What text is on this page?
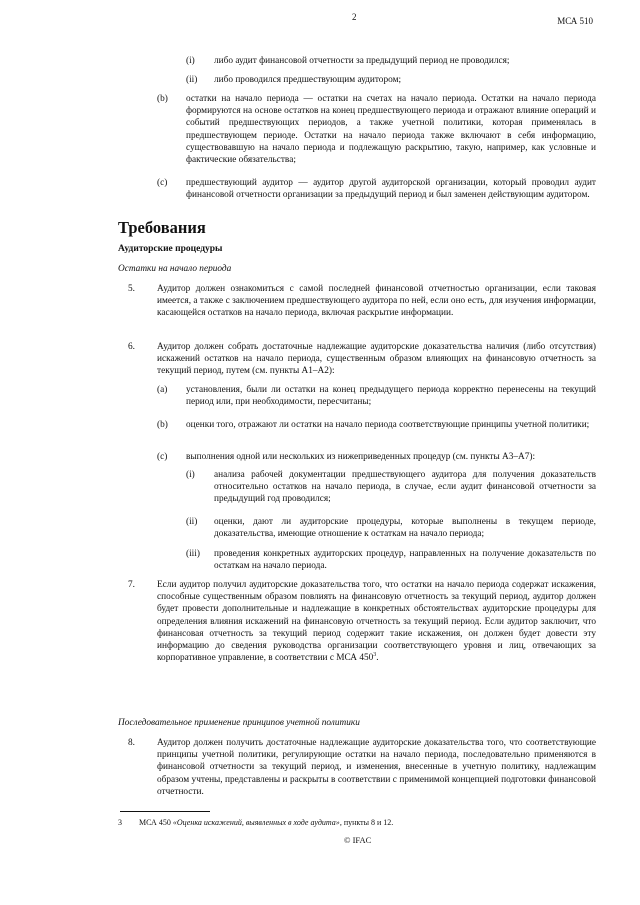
2	МСА 510
(i) либо аудит финансовой отчетности за предыдущий период не проводился;
(ii) либо проводился предшествующим аудитором;
(b) остатки на начало периода — остатки на счетах на начало периода. Остатки на начало периода формируются на основе остатков на конец предшествующего периода и отражают влияние операций и событий предшествующих периодов, а также учетной политики, которая применялась в предшествующем периоде. Остатки на начало периода также включают в себя информацию, существовавшую на начало периода и подлежащую раскрытию, такую, например, как условные и фактические обязательства;
(c) предшествующий аудитор — аудитор другой аудиторской организации, который проводил аудит финансовой отчетности организации за предыдущий период и был заменен действующим аудитором.
Требования
Аудиторские процедуры
Остатки на начало периода
5. Аудитор должен ознакомиться с самой последней финансовой отчетностью организации, если таковая имеется, а также с заключением предшествующего аудитора по ней, если оно есть, для изучения информации, касающейся остатков на начало периода, включая раскрытие информации.
6. Аудитор должен собрать достаточные надлежащие аудиторские доказательства наличия (либо отсутствия) искажений остатков на начало периода, существенным образом влияющих на финансовую отчетность за текущий период, путем (см. пункты А1–А2):
(a) установления, были ли остатки на конец предыдущего периода корректно перенесены на текущий период или, при необходимости, пересчитаны;
(b) оценки того, отражают ли остатки на начало периода соответствующие принципы учетной политики;
(c) выполнения одной или нескольких из нижеприведенных процедур (см. пункты А3–А7):
(i) анализа рабочей документации предшествующего аудитора для получения доказательств относительно остатков на начало периода, в случае, если аудит финансовой отчетности за предыдущий год проводился;
(ii) оценки, дают ли аудиторские процедуры, которые выполнены в текущем периоде, доказательства, имеющие отношение к остаткам на начало периода;
(iii) проведения конкретных аудиторских процедур, направленных на получение доказательств по остаткам на начало периода.
7. Если аудитор получил аудиторские доказательства того, что остатки на начало периода содержат искажения, способные существенным образом повлиять на финансовую отчетность за текущий период, аудитор должен будет провести дополнительные и надлежащие в конкретных обстоятельствах аудиторские процедуры для определения влияния искажений на финансовую отчетность за текущий период. Если аудитор заключит, что финансовая отчетность за текущий период содержит такие искажения, он должен будет довести эту информацию до сведения руководства организации соответствующего уровня и лиц, отвечающих за корпоративное управление, в соответствии с МСА $450^3$.
Последовательное применение принципов учетной политики
8. Аудитор должен получить достаточные надлежащие аудиторские доказательства того, что соответствующие принципы учетной политики, регулирующие остатки на начало периода, последовательно применяются в финансовой отчетности за текущий период, и изменения, внесенные в учетную политику, надлежащим образом учтены, представлены и раскрыты в соответствии с применимой концепцией подготовки финансовой отчетности.
3 МСА 450 «Оценка искажений, выявленных в ходе аудита», пункты 8 и 12.
© IFAC
